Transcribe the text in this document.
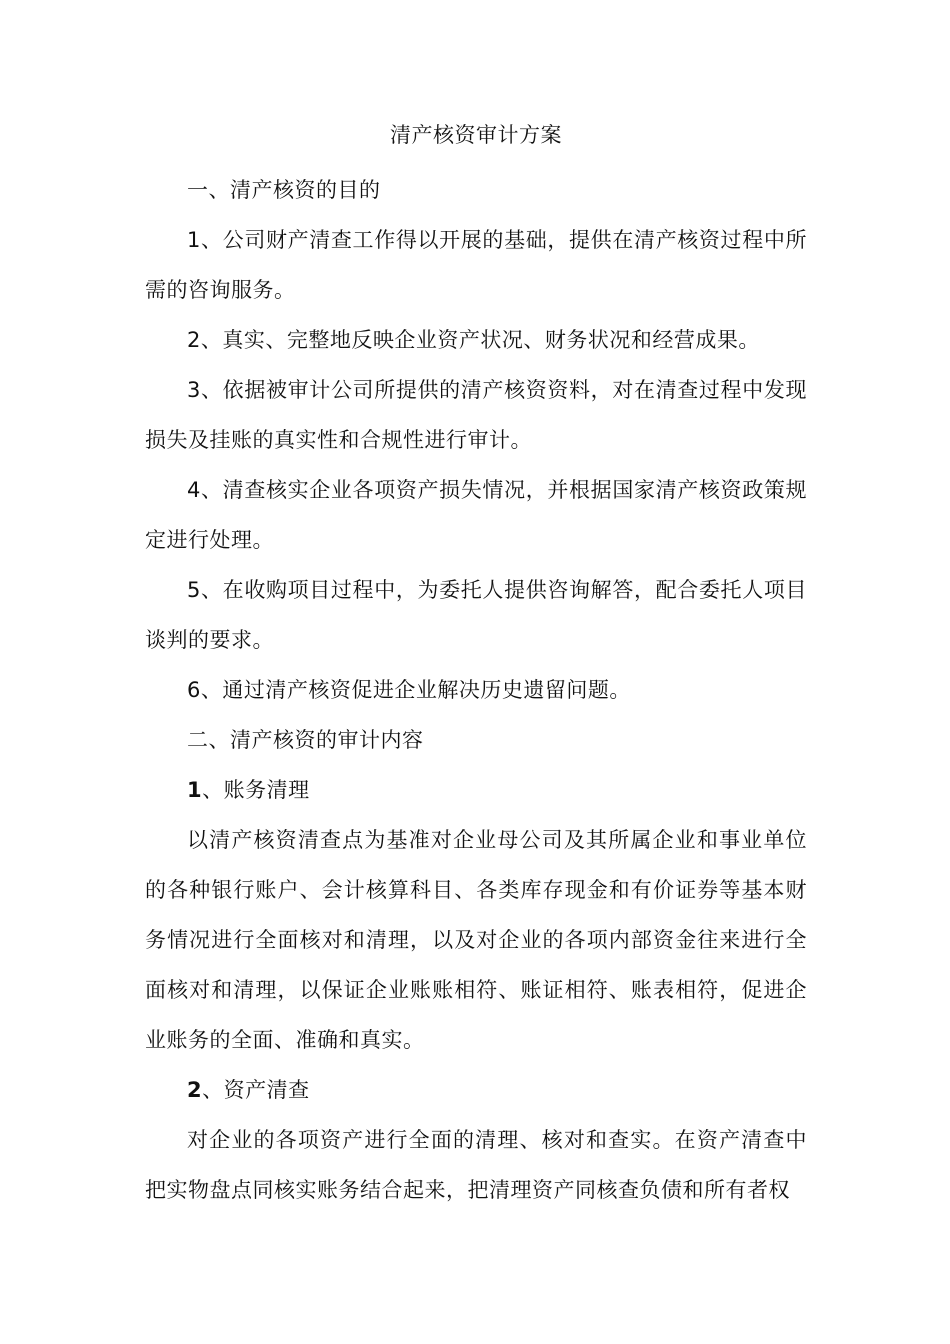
清产核资审计方案

一、清产核资的目的

1、公司财产清查工作得以开展的基础，提供在清产核资过程中所需的咨询服务。

2、真实、完整地反映企业资产状况、财务状况和经营成果。

3、依据被审计公司所提供的清产核资资料，对在清查过程中发现损失及挂账的真实性和合规性进行审计。

4、清查核实企业各项资产损失情况，并根据国家清产核资政策规定进行处理。

5、在收购项目过程中，为委托人提供咨询解答，配合委托人项目谈判的要求。

6、通过清产核资促进企业解决历史遗留问题。

二、清产核资的审计内容

1、账务清理

以清产核资清查点为基准对企业母公司及其所属企业和事业单位的各种银行账户、会计核算科目、各类库存现金和有价证券等基本财务情况进行全面核对和清理，以及对企业的各项内部资金往来进行全面核对和清理，以保证企业账账相符、账证相符、账表相符，促进企业账务的全面、准确和真实。

2、资产清查

对企业的各项资产进行全面的清理、核对和查实。在资产清查中把实物盘点同核实账务结合起来，把清理资产同核查负债和所有者权
